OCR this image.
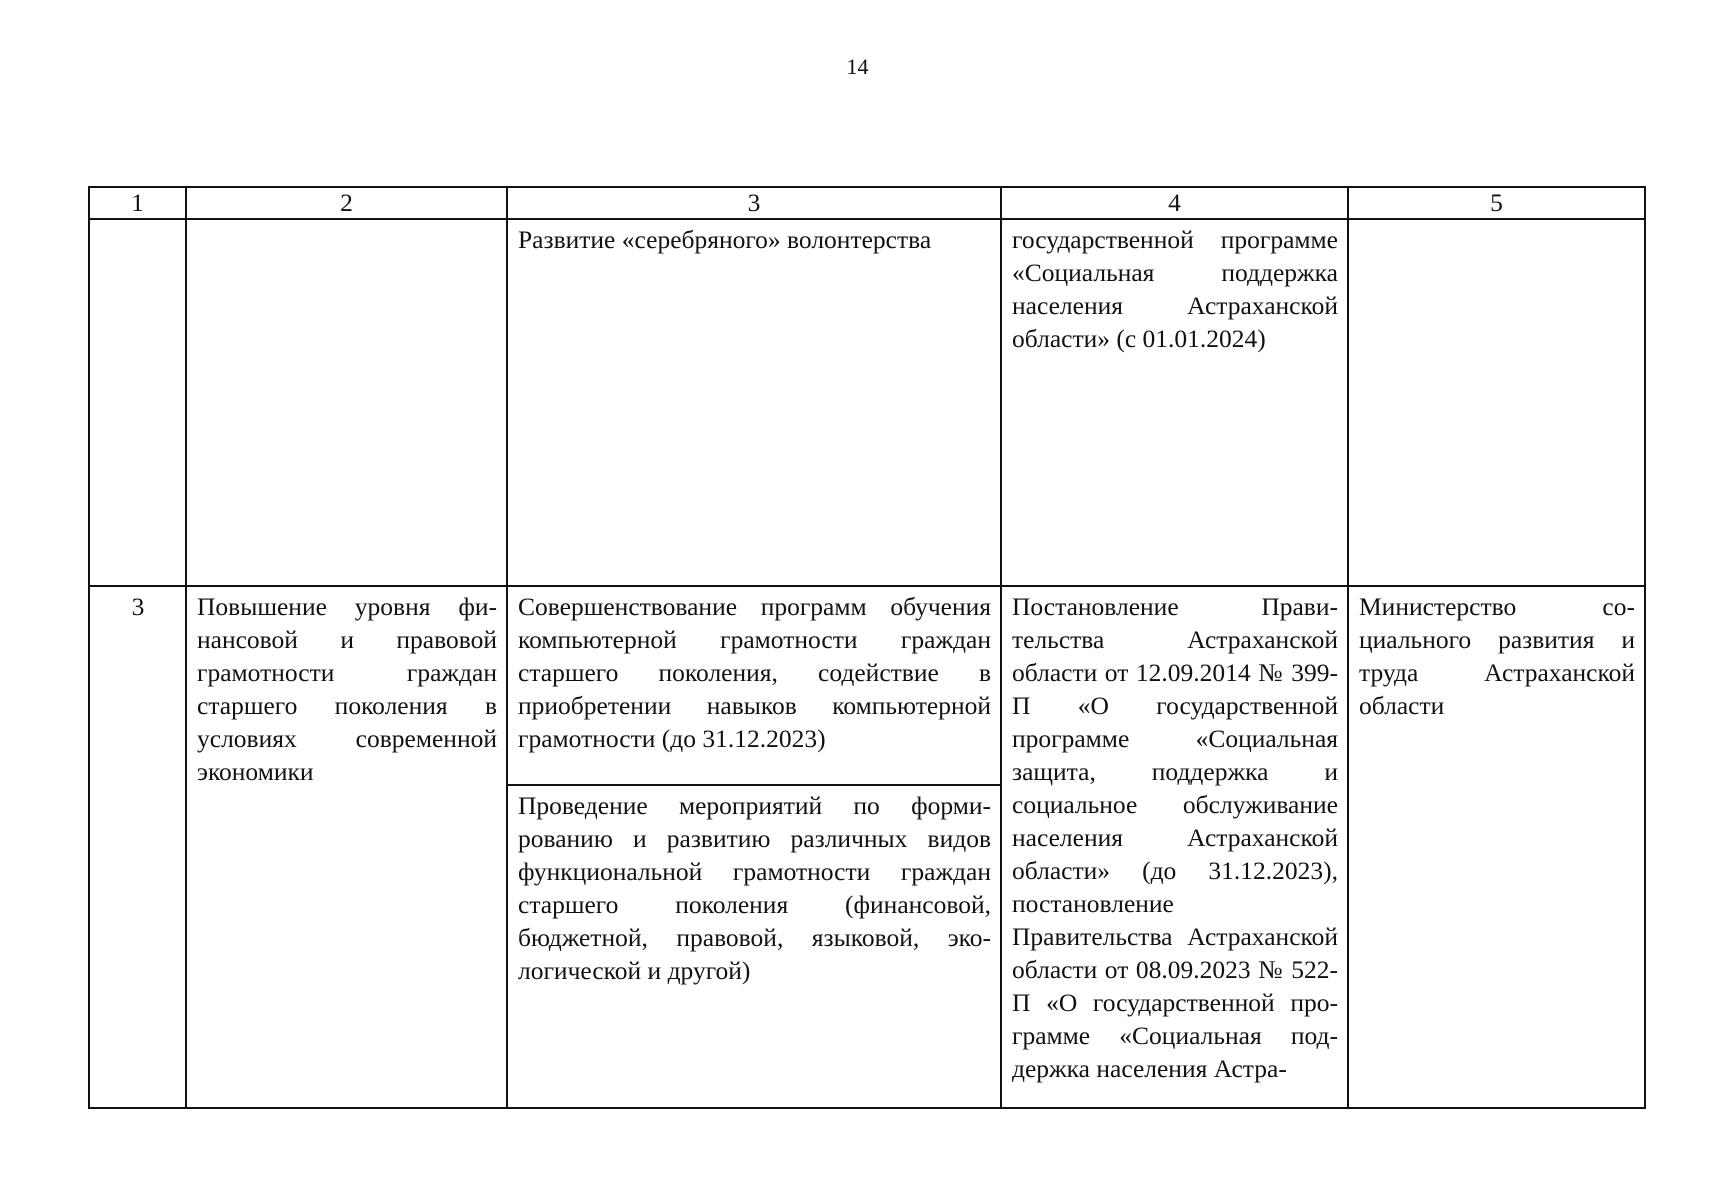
14
1	2	3	4	5
		Развитие «серебряного» волонтерства	государственной программе «Социальная поддержка населения Астраханской области» (с 01.01.2024)	
3	Повышение уровня финансовой и правовой грамотности граждан старшего поколения в условиях современной экономики	Совершенствование программ обучения компьютерной грамотности граждан старшего поколения, содействие в приобретении навыков компьютерной грамотности (до 31.12.2023)	Постановление Правительства Астраханской области от 12.09.2014 № 399-П «О государственной программе «Социальная защита, поддержка и социальное обслуживание населения Астраханской области» (до 31.12.2023), постановление Правительства Астраханской области от 08.09.2023 № 522-П «О государственной программе «Социальная поддержка населения Астра-	Министерство социального развития и труда Астраханской области
		Проведение мероприятий по формированию и развитию различных видов функциональной грамотности граждан старшего поколения (финансовой, бюджетной, правовой, языковой, экологической и другой)		
